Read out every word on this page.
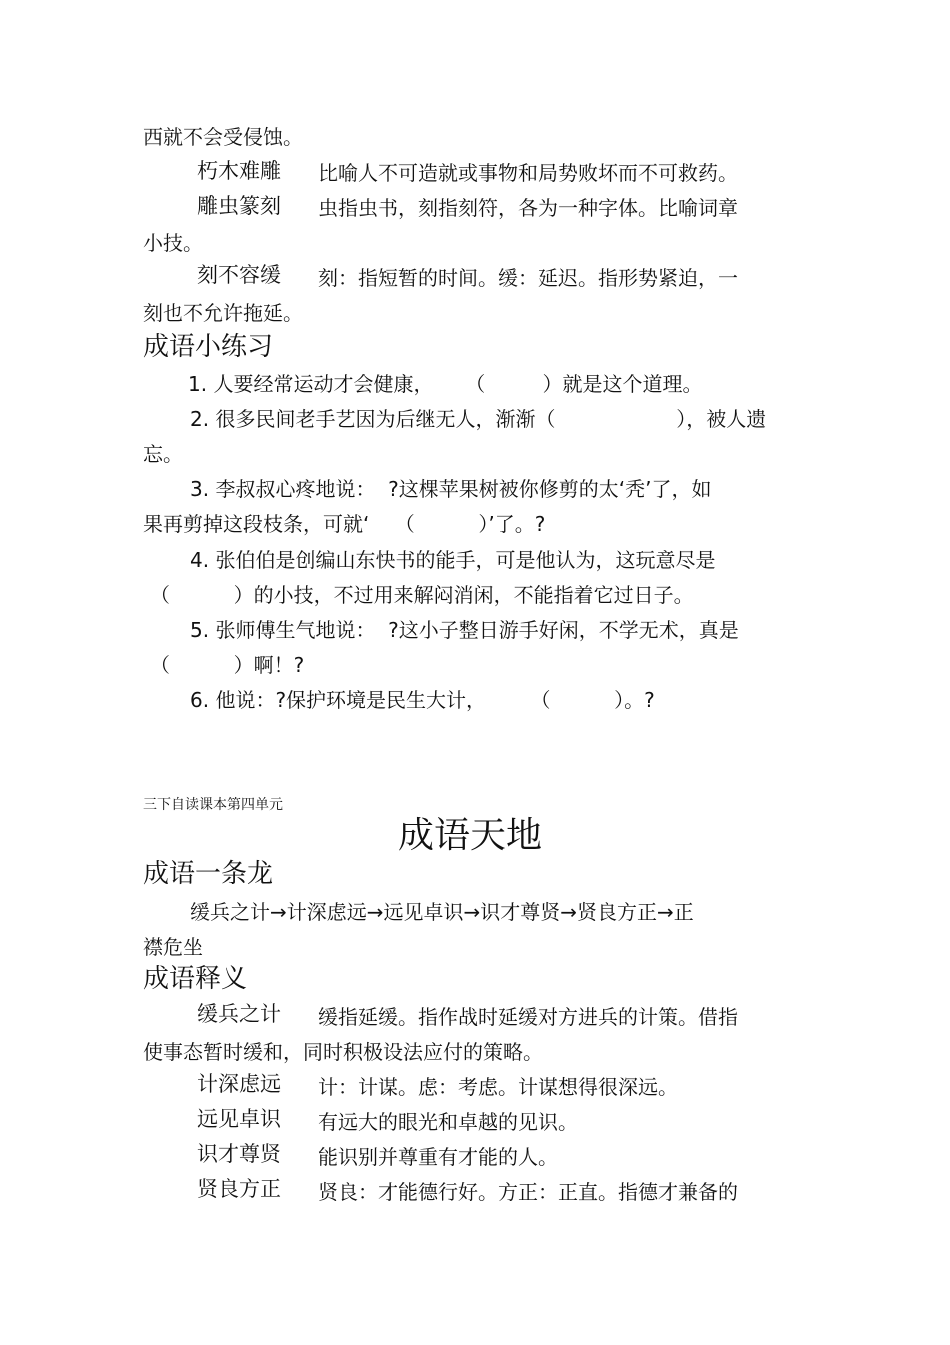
西就不会受侵蚀。
朽木难雕 比喻人不可造就或事物和局势败坏而不可救药。
雕虫篆刻 虫指虫书，刻指刻符，各为一种字体。比喻词章
小技。
刻不容缓 刻：指短暂的时间。缓：延迟。指形势紧迫，一
刻也不允许拖延。
成语小练习
1. 人要经常运动才会健康，     （         ）就是这个道理。
2. 很多民间老手艺因为后继无人，渐渐（                   ），被人遗
忘。
3. 李叔叔心疼地说：  ?这棵苹果树被你修剪的太‘秃’了，如
果再剪掉这段枝条，可就‘    （          ）’了。?
4. 张伯伯是创编山东快书的能手，可是他认为，这玩意尽是
（          ）的小技，不过用来解闷消闲，不能指着它过日子。
5. 张师傅生气地说：  ?这小子整日游手好闲，不学无术，真是
（          ）啊！?
6. 他说：?保护环境是民生大计，       （          ）。?
三下自读课本第四单元
成语天地
成语一条龙
缓兵之计→计深虑远→远见卓识→识才尊贤→贤良方正→正
襟危坐
成语释义
缓兵之计 缓指延缓。指作战时延缓对方进兵的计策。借指
使事态暂时缓和，同时积极设法应付的策略。
计深虑远 计：计谋。虑：考虑。计谋想得很深远。
远见卓识 有远大的眼光和卓越的见识。
识才尊贤 能识别并尊重有才能的人。
贤良方正 贤良：才能德行好。方正：正直。指德才兼备的
